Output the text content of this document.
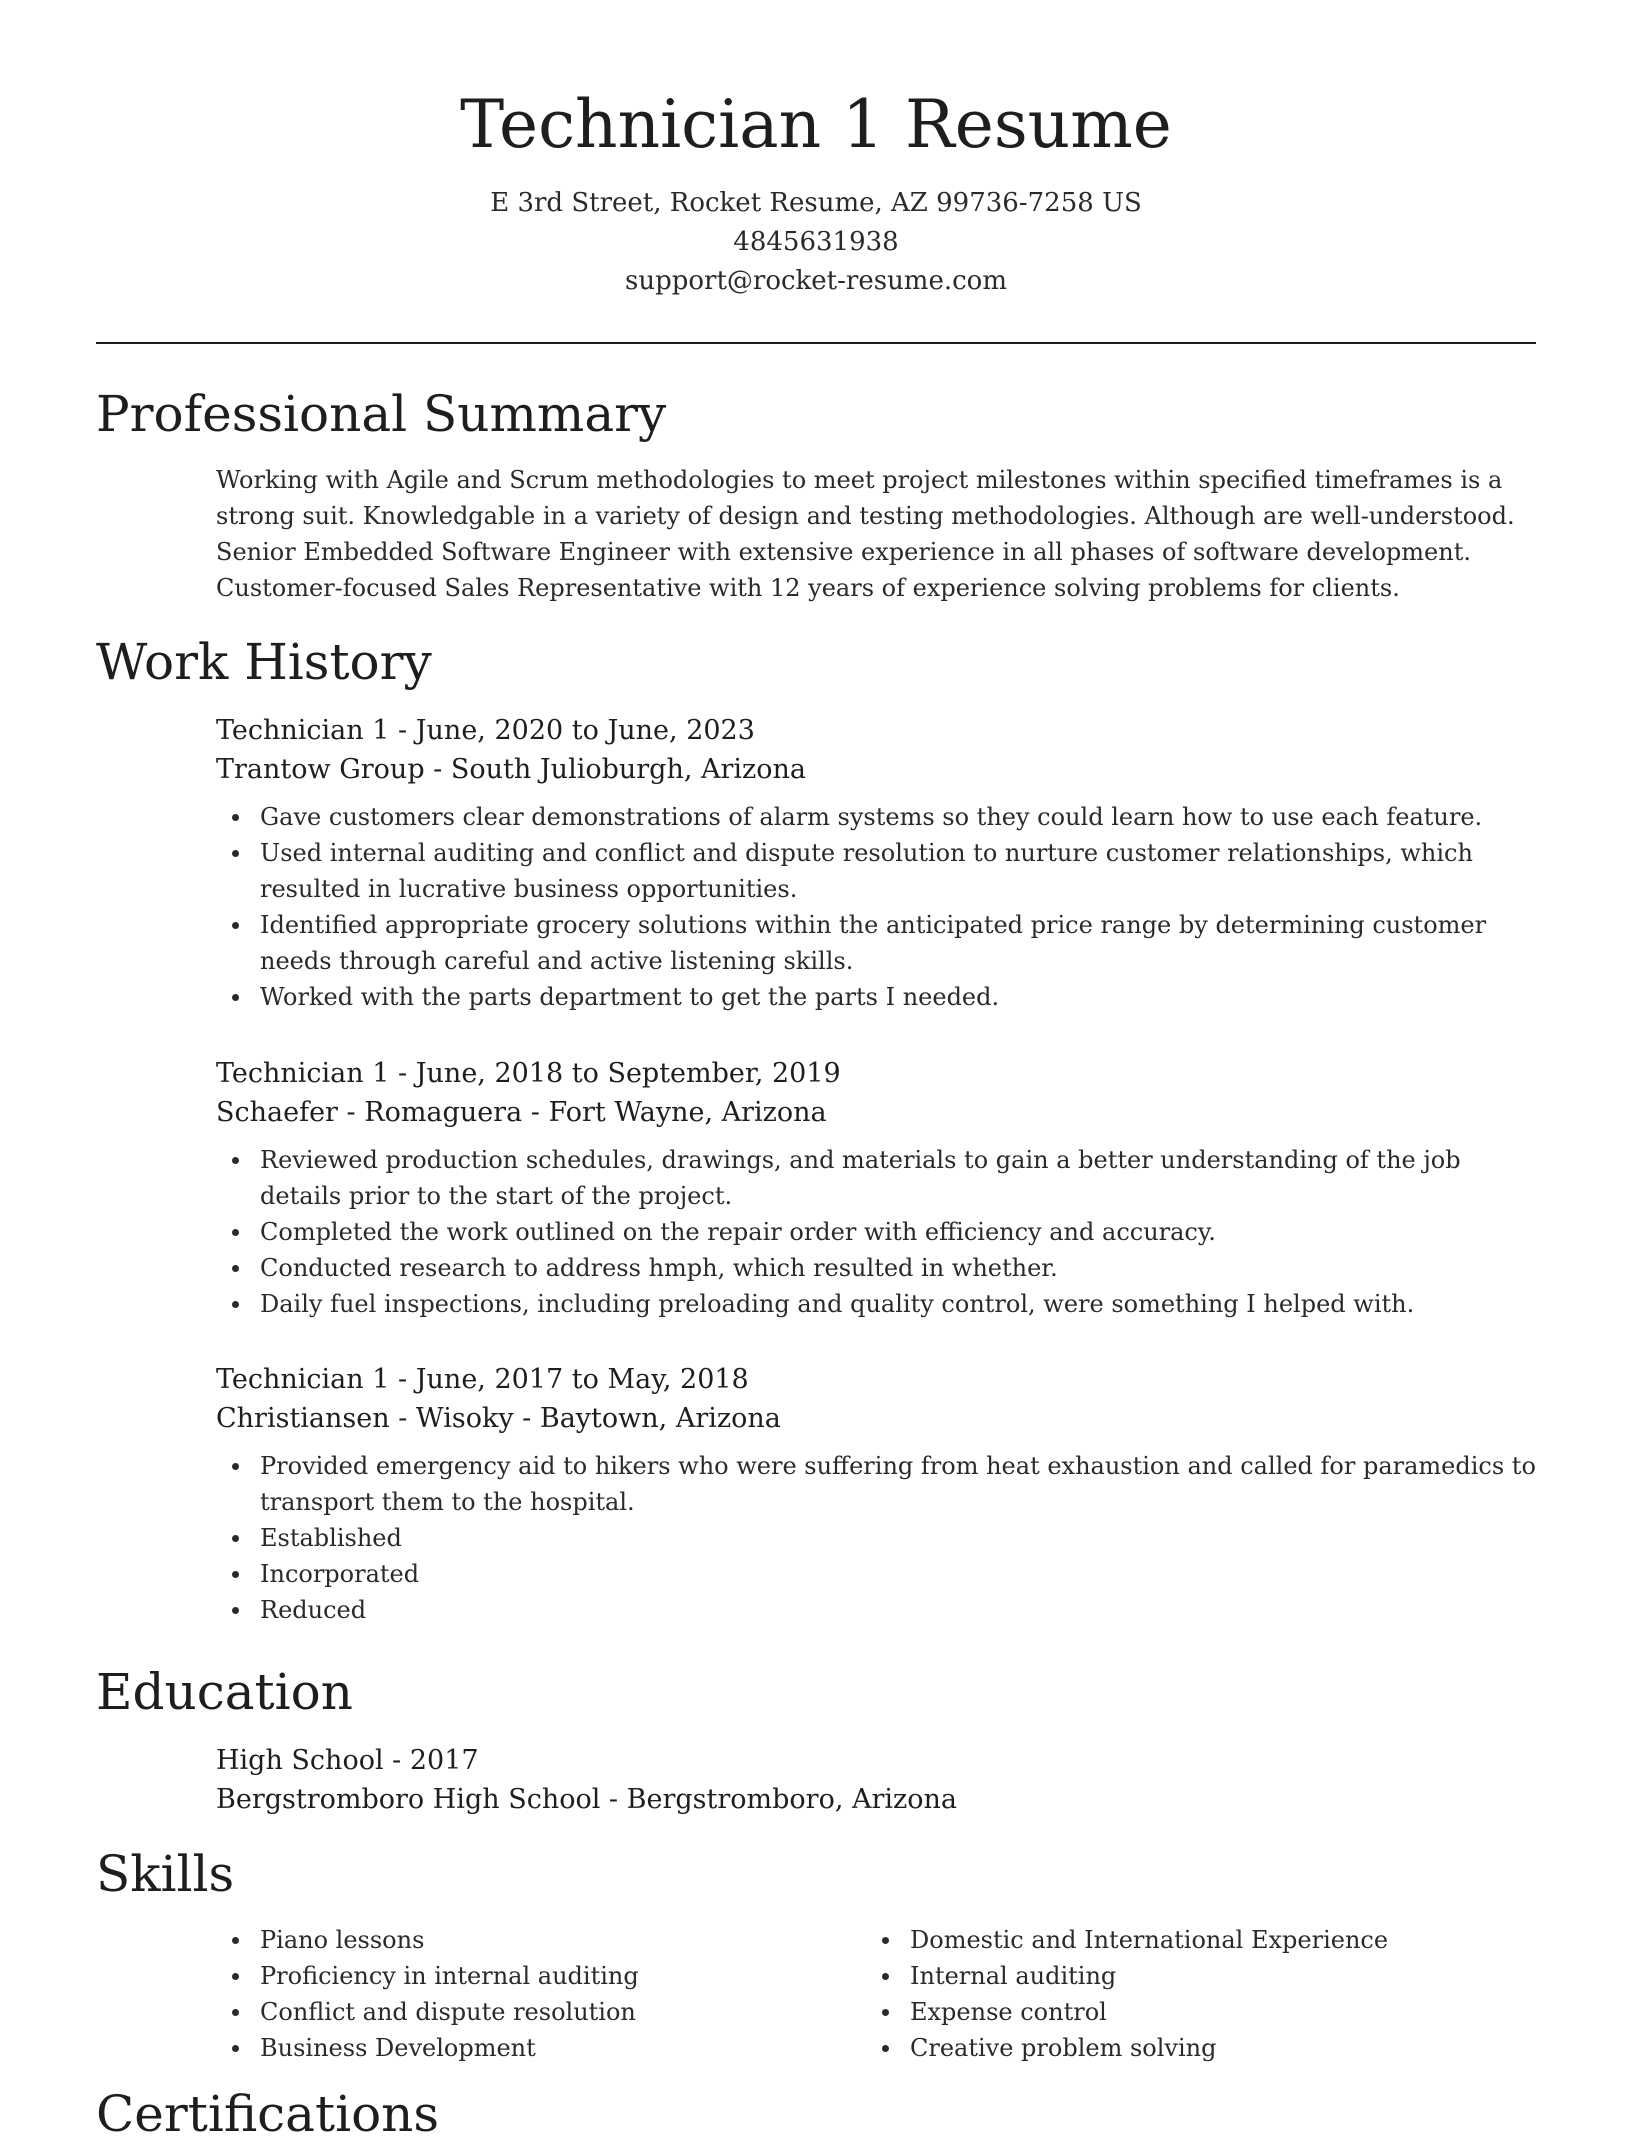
Technician 1 Resume
E 3rd Street, Rocket Resume, AZ 99736-7258 US
4845631938
support@rocket-resume.com
Professional Summary
Working with Agile and Scrum methodologies to meet project milestones within specified timeframes is a
strong suit. Knowledgable in a variety of design and testing methodologies. Although are well-understood.
Senior Embedded Software Engineer with extensive experience in all phases of software development.
Customer-focused Sales Representative with 12 years of experience solving problems for clients.
Work History
Technician 1 - June, 2020 to June, 2023
Trantow Group - South Julioburgh, Arizona
Gave customers clear demonstrations of alarm systems so they could learn how to use each feature.
Used internal auditing and conflict and dispute resolution to nurture customer relationships, which resulted in lucrative business opportunities.
Identified appropriate grocery solutions within the anticipated price range by determining customer needs through careful and active listening skills.
Worked with the parts department to get the parts I needed.
Technician 1 - June, 2018 to September, 2019
Schaefer - Romaguera - Fort Wayne, Arizona
Reviewed production schedules, drawings, and materials to gain a better understanding of the job details prior to the start of the project.
Completed the work outlined on the repair order with efficiency and accuracy.
Conducted research to address hmph, which resulted in whether.
Daily fuel inspections, including preloading and quality control, were something I helped with.
Technician 1 - June, 2017 to May, 2018
Christiansen - Wisoky - Baytown, Arizona
Provided emergency aid to hikers who were suffering from heat exhaustion and called for paramedics to transport them to the hospital.
Established
Incorporated
Reduced
Education
High School - 2017
Bergstromboro High School - Bergstromboro, Arizona
Skills
Piano lessons
Proficiency in internal auditing
Conflict and dispute resolution
Business Development
Domestic and International Experience
Internal auditing
Expense control
Creative problem solving
Certifications
